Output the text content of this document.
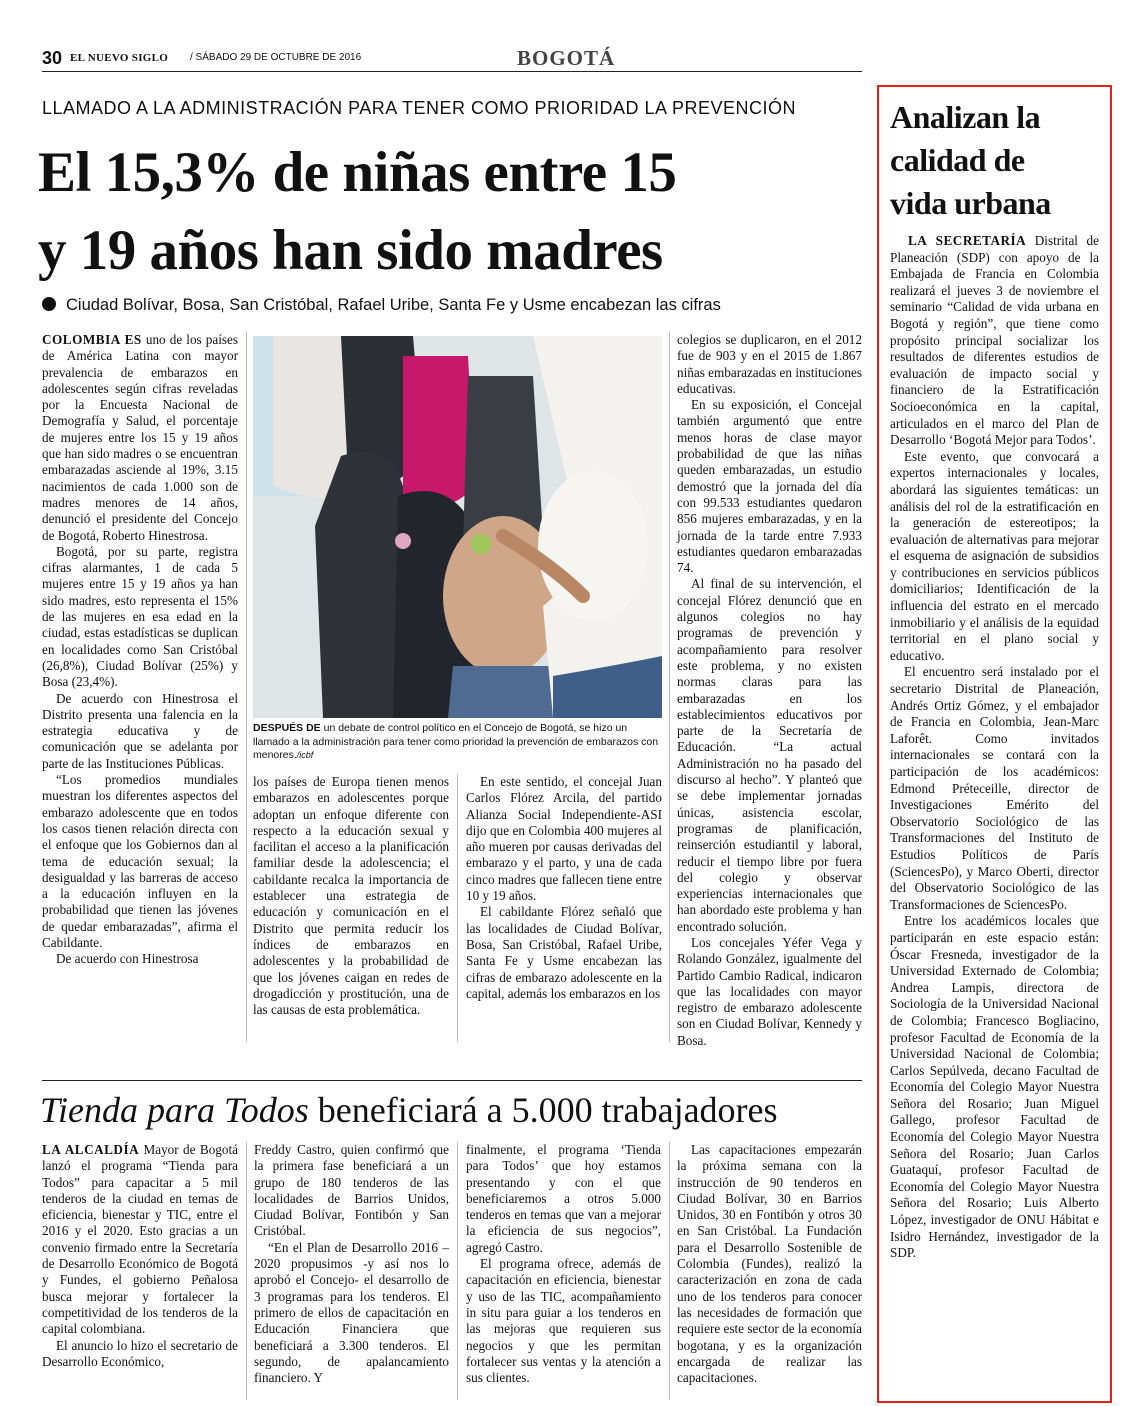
30 EL NUEVO SIGLO / SÁBADO 29 DE OCTUBRE DE 2016	BOGOTÁ
LLAMADO A LA ADMINISTRACIÓN PARA TENER COMO PRIORIDAD LA PREVENCIÓN
El 15,3% de niñas entre 15
y 19 años han sido madres
Ciudad Bolívar, Bosa, San Cristóbal, Rafael Uribe, Santa Fe y Usme encabezan las cifras

COLOMBIA ES uno de los países de América Latina con mayor prevalencia de embarazos en adolescentes según cifras reveladas por la Encuesta Nacional de Demografía y Salud, el porcentaje de mujeres entre los 15 y 19 años que han sido madres o se encuentran embarazadas asciende al 19%, 3.15 nacimientos de cada 1.000 son de madres menores de 14 años, denunció el presidente del Concejo de Bogotá, Roberto Hinestrosa.

Bogotá, por su parte, registra cifras alarmantes, 1 de cada 5 mujeres entre 15 y 19 años ya han sido madres, esto representa el 15% de las mujeres en esa edad en la ciudad, estas estadísticas se duplican en localidades como San Cristóbal (26,8%), Ciudad Bolívar (25%) y Bosa (23,4%).

De acuerdo con Hinestrosa el Distrito presenta una falencia en la estrategia educativa y de comunicación que se adelanta por parte de las Instituciones Públicas.

“Los promedios mundiales muestran los diferentes aspectos del embarazo adolescente que en todos los casos tienen relación directa con el enfoque que los Gobiernos dan al tema de educación sexual; la desigualdad y las barreras de acceso a la educación influyen en la probabilidad que tienen las jóvenes de quedar embarazadas”, afirma el Cabildante.

De acuerdo con Hinestrosa

DESPUÉS DE un debate de control político en el Concejo de Bogotá, se hizo un llamado a la administración para tener como prioridad la prevención de embarazos con menores./icbf

los países de Europa tienen menos embarazos en adolescentes porque adoptan un enfoque diferente con respecto a la educación sexual y facilitan el acceso a la planificación familiar desde la adolescencia; el cabildante recalca la importancia de establecer una estrategia de educación y comunicación en el Distrito que permita reducir los índices de embarazos en adolescentes y la probabilidad de que los jóvenes caigan en redes de drogadicción y prostitución, una de las causas de esta problemática.

En este sentido, el concejal Juan Carlos Flórez Arcila, del partido Alianza Social Independiente-ASI dijo que en Colombia 400 mujeres al año mueren por causas derivadas del embarazo y el parto, y una de cada cinco madres que fallecen tiene entre 10 y 19 años.

El cabildante Flórez señaló que las localidades de Ciudad Bolívar, Bosa, San Cristóbal, Rafael Uribe, Santa Fe y Usme encabezan las cifras de embarazo adolescente en la capital, además los embarazos en los

colegios se duplicaron, en el 2012 fue de 903 y en el 2015 de 1.867 niñas embarazadas en instituciones educativas.

En su exposición, el Concejal también argumentó que entre menos horas de clase mayor probabilidad de que las niñas queden embarazadas, un estudio demostró que la jornada del día con 99.533 estudiantes quedaron 856 mujeres embarazadas, y en la jornada de la tarde entre 7.933 estudiantes quedaron embarazadas 74.

Al final de su intervención, el concejal Flórez denunció que en algunos colegios no hay programas de prevención y acompañamiento para resolver este problema, y no existen normas claras para las embarazadas en los establecimientos educativos por parte de la Secretaría de Educación. “La actual Administración no ha pasado del discurso al hecho”. Y planteó que se debe implementar jornadas únicas, asistencia escolar, programas de planificación, reinserción estudiantil y laboral, reducir el tiempo libre por fuera del colegio y observar experiencias internacionales que han abordado este problema y han encontrado solución.

Los concejales Yéfer Vega y Rolando González, igualmente del Partido Cambio Radical, indicaron que las localidades con mayor registro de embarazo adolescente son en Ciudad Bolívar, Kennedy y Bosa.

Tienda para Todos beneficiará a 5.000 trabajadores

LA ALCALDÍA Mayor de Bogotá lanzó el programa “Tienda para Todos” para capacitar a 5 mil tenderos de la ciudad en temas de eficiencia, bienestar y TIC, entre el 2016 y el 2020. Esto gracias a un convenio firmado entre la Secretaría de Desarrollo Económico de Bogotá y Fundes, el gobierno Peñalosa busca mejorar y fortalecer la competitividad de los tenderos de la capital colombiana.

El anuncio lo hizo el secretario de Desarrollo Económico,

Freddy Castro, quien confirmó que la primera fase beneficiará a un grupo de 180 tenderos de las localidades de Barrios Unidos, Ciudad Bolívar, Fontibón y San Cristóbal.

“En el Plan de Desarrollo 2016 – 2020 propusimos -y así nos lo aprobó el Concejo- el desarrollo de 3 programas para los tenderos. El primero de ellos de capacitación en Educación Financiera que beneficiará a 3.300 tenderos. El segundo, de apalancamiento financiero. Y

finalmente, el programa ‘Tienda para Todos’ que hoy estamos presentando y con el que beneficiaremos a otros 5.000 tenderos en temas que van a mejorar la eficiencia de sus negocios”, agregó Castro.

El programa ofrece, además de capacitación en eficiencia, bienestar y uso de las TIC, acompañamiento in situ para guiar a los tenderos en las mejoras que requieren sus negocios y que les permitan fortalecer sus ventas y la atención a sus clientes.

Las capacitaciones empezarán la próxima semana con la instrucción de 90 tenderos en Ciudad Bolívar, 30 en Barrios Unidos, 30 en Fontibón y otros 30 en San Cristóbal. La Fundación para el Desarrollo Sostenible de Colombia (Fundes), realizó la caracterización en zona de cada uno de los tenderos para conocer las necesidades de formación que requiere este sector de la economía bogotana, y es la organización encargada de realizar las capacitaciones.

Analizan la
calidad de
vida urbana

LA SECRETARÍA Distrital de Planeación (SDP) con apoyo de la Embajada de Francia en Colombia realizará el jueves 3 de noviembre el seminario “Calidad de vida urbana en Bogotá y región”, que tiene como propósito principal socializar los resultados de diferentes estudios de evaluación de impacto social y financiero de la Estratificación Socioeconómica en la capital, articulados en el marco del Plan de Desarrollo ‘Bogotá Mejor para Todos’.

Este evento, que convocará a expertos internacionales y locales, abordará las siguientes temáticas: un análisis del rol de la estratificación en la generación de estereotipos; la evaluación de alternativas para mejorar el esquema de asignación de subsidios y contribuciones en servicios públicos domiciliarios; Identificación de la influencia del estrato en el mercado inmobiliario y el análisis de la equidad territorial en el plano social y educativo.

El encuentro será instalado por el secretario Distrital de Planeación, Andrés Ortiz Gómez, y el embajador de Francia en Colombia, Jean-Marc Laforêt. Como invitados internacionales se contará con la participación de los académicos: Edmond Préteceille, director de Investigaciones Emérito del Observatorio Sociológico de las Transformaciones del Instituto de Estudios Políticos de París (SciencesPo), y Marco Oberti, director del Observatorio Sociológico de las Transformaciones de SciencesPo.

Entre los académicos locales que participarán en este espacio están: Óscar Fresneda, investigador de la Universidad Externado de Colombia; Andrea Lampis, directora de Sociología de la Universidad Nacional de Colombia; Francesco Bogliacino, profesor Facultad de Economía de la Universidad Nacional de Colombia; Carlos Sepúlveda, decano Facultad de Economía del Colegio Mayor Nuestra Señora del Rosario; Juan Miguel Gallego, profesor Facultad de Economía del Colegio Mayor Nuestra Señora del Rosario; Juan Carlos Guataquí, profesor Facultad de Economía del Colegio Mayor Nuestra Señora del Rosario; Luis Alberto López, investigador de ONU Hábitat e Isidro Hernández, investigador de la SDP.
